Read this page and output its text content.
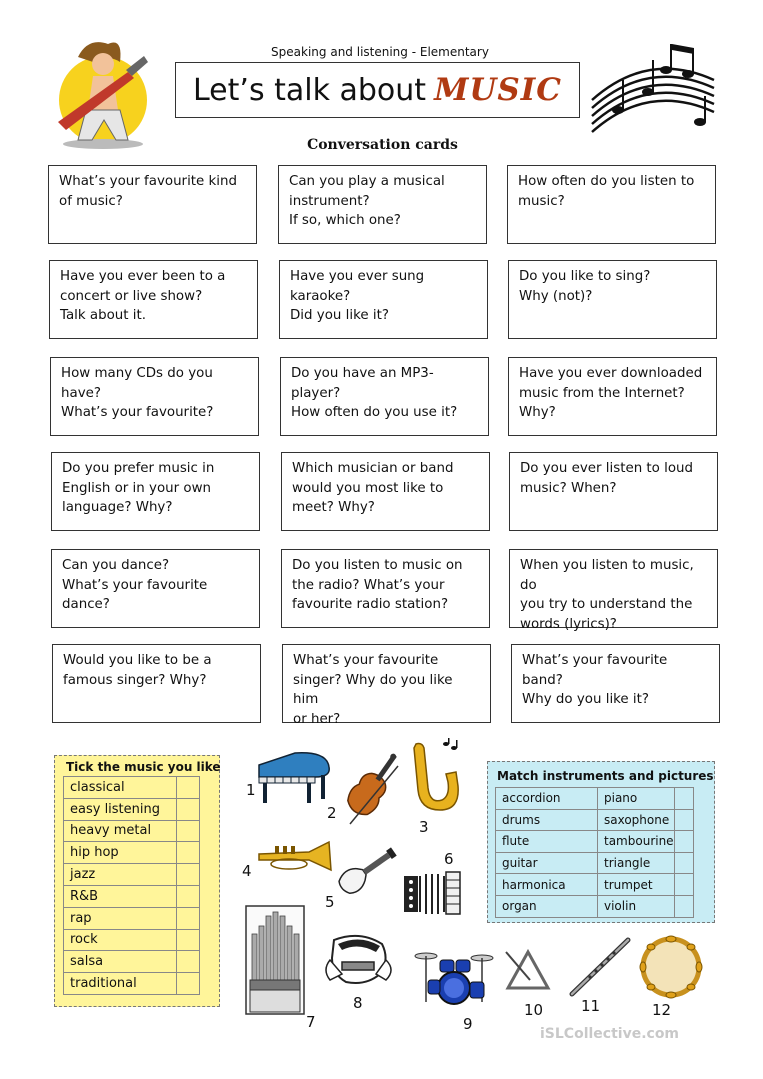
Speaking and listening - Elementary
Let’s talk about MUSIC
Conversation cards
What’s your favourite kind
of music?
Can you play a musical
instrument?
If so, which one?
How often do you listen to
music?
Have you ever been to a
concert or live show?
Talk about it.
Have you ever sung
karaoke?
Did you like it?
Do you like to sing?
Why (not)?
How many CDs do you have?
What’s your favourite?
Do you have an MP3-player?
How often do you use it?
Have you ever downloaded
music from the Internet?
Why?
Do you prefer music in
English or in your own
language? Why?
Which musician or band
would you most like to
meet? Why?
Do you ever listen to loud
music? When?
Can you dance?
What’s your favourite
dance?
Do you listen to music on
the radio? What’s your
favourite radio station?
When you listen to music, do
you try to understand the
words (lyrics)?
Would you like to be a
famous singer? Why?
What’s your favourite
singer? Why do you like him
or her?
What’s your favourite band?
Why do you like it?
Tick the music you like
classical	
easy listening	
heavy metal	
hip hop	
jazz	
R&B	
rap	
rock	
salsa	
traditional	
Match instruments and pictures
accordion	piano	
drums	saxophone	
flute	tambourine	
guitar	triangle	
harmonica	trumpet	
organ	violin	
1
2
3
4
5
6
7
8
9
10	11	12
iSLCollective.com
